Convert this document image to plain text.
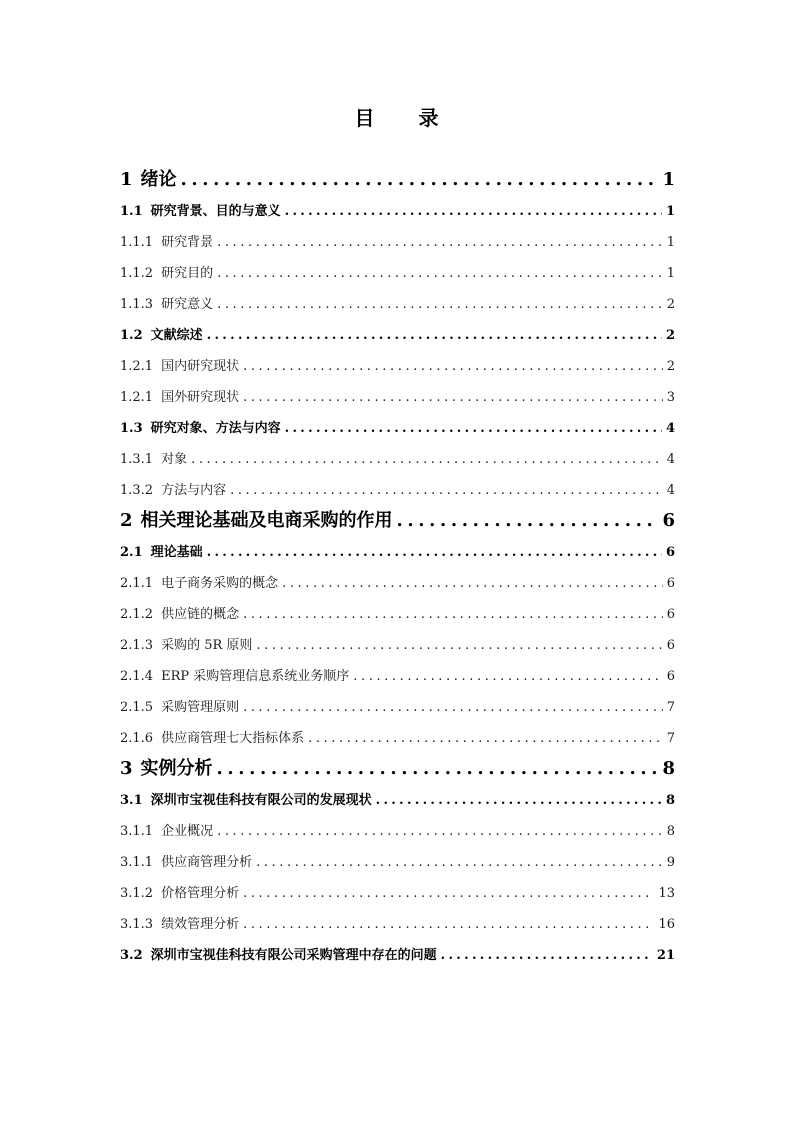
目 录
1 绪论 .....	1
1.1 研究背景、目的与意义 .....	1
1.1.1 研究背景 .....	1
1.1.2 研究目的 .....	1
1.1.3 研究意义 .....	2
1.2 文献综述 .....	2
1.2.1 国内研究现状 .....	2
1.2.1 国外研究现状 .....	3
1.3 研究对象、方法与内容 .....	4
1.3.1 对象 .....	4
1.3.2 方法与内容 .....	4
2 相关理论基础及电商采购的作用 .....	6
2.1 理论基础 .....	6
2.1.1 电子商务采购的概念 .....	6
2.1.2 供应链的概念 .....	6
2.1.3 采购的 5R 原则 .....	6
2.1.4 ERP 采购管理信息系统业务顺序 .....	6
2.1.5 采购管理原则 .....	7
2.1.6 供应商管理七大指标体系 .....	7
3 实例分析 .....	8
3.1 深圳市宝视佳科技有限公司的发展现状 .....	8
3.1.1 企业概况 .....	8
3.1.1 供应商管理分析 .....	9
3.1.2 价格管理分析 .....	13
3.1.3 绩效管理分析 .....	16
3.2 深圳市宝视佳科技有限公司采购管理中存在的问题 .....	21
